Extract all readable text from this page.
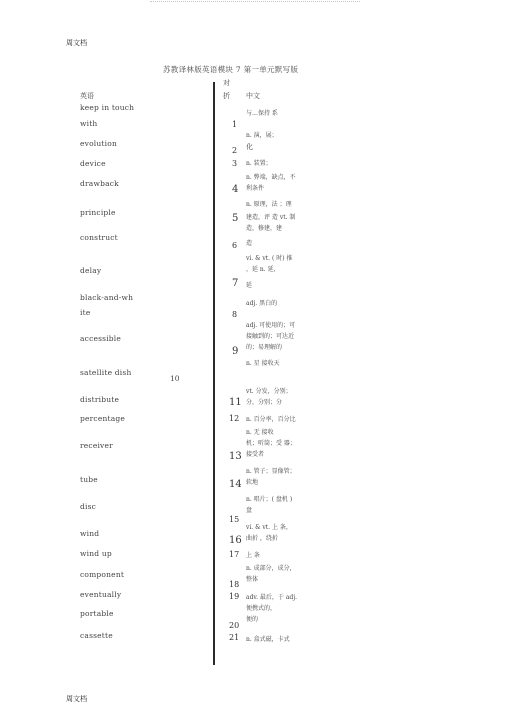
周文档
苏教译林版英语模块 7 第一单元默写版
英语
对
折 中文
keep in touch
with
evolution
device
drawback
principle
construct
delay
black-and-wh
ite
accessible
satellite dish
distribute
percentage
receiver
tube
disc
wind
wind up
component
eventually
portable
cassette
10
1
2
3
4
5
6
7
8
9
11
12
13
14
15
16
17
18
19
20
21
与…保持 系
n. 演，展；
化
n. 装置；
n. 弊端，缺点，不
利条件
n. 原理，法 ；理
建造，评 造 vt. 制
造，修建，建
造
vi. & vt. ( 时) 推
，延 n. 延，
延
adj. 黑白的
adj. 可使用的；可
接触到的；可达近
的；易理解的
n. 星 接收天
vt. 分发，分别；
分，分别；分
n. 百分率，百分比
n. 无 接收
机；听筒；受 器；
接受者
n. 管子；显像管；
软地
n. 唱片；( 盘机 )
盘
vi. & vt. 上 条，
曲折 ，绕折
上 条
n. 成部分，成分，
整体
adv. 最后，于 adj.
便携式的，
便的
n. 盒式磁，卡式
周文档
